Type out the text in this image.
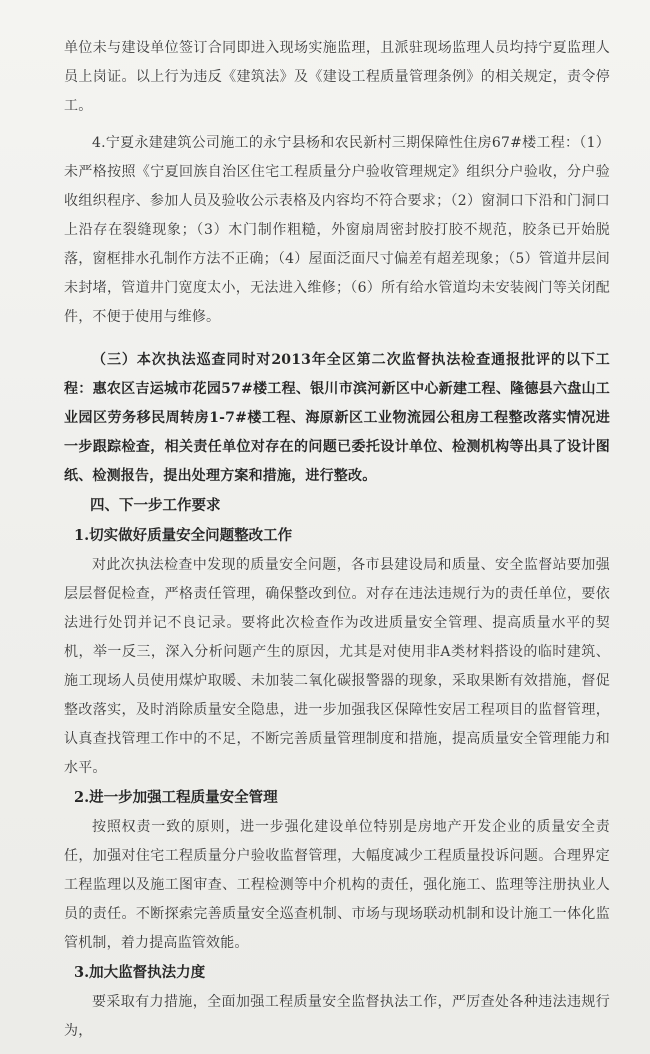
单位未与建设单位签订合同即进入现场实施监理，且派驻现场监理人员均持宁夏监理人员上岗证。以上行为违反《建筑法》及《建设工程质量管理条例》的相关规定，责令停工。

4.宁夏永建建筑公司施工的永宁县杨和农民新村三期保障性住房67#楼工程：（1）未严格按照《宁夏回族自治区住宅工程质量分户验收管理规定》组织分户验收，分户验收组织程序、参加人员及验收公示表格及内容均不符合要求；（2）窗洞口下沿和门洞口上沿存在裂缝现象；（3）木门制作粗糙，外窗扇周密封胶打胶不规范，胶条已开始脱落，窗框排水孔制作方法不正确；（4）屋面泛面尺寸偏差有超差现象；（5）管道井层间未封堵，管道井门宽度太小，无法进入维修；（6）所有给水管道均未安装阀门等关闭配件，不便于使用与维修。

（三）本次执法巡查同时对2013年全区第二次监督执法检查通报批评的以下工程：惠农区吉运城市花园57#楼工程、银川市滨河新区中心新建工程、隆德县六盘山工业园区劳务移民周转房1-7#楼工程、海原新区工业物流园公租房工程整改落实情况进一步跟踪检查，相关责任单位对存在的问题已委托设计单位、检测机构等出具了设计图纸、检测报告，提出处理方案和措施，进行整改。

四、下一步工作要求
1.切实做好质量安全问题整改工作

对此次执法检查中发现的质量安全问题，各市县建设局和质量、安全监督站要加强层层督促检查，严格责任管理，确保整改到位。对存在违法违规行为的责任单位，要依法进行处罚并记不良记录。要将此次检查作为改进质量安全管理、提高质量水平的契机，举一反三，深入分析问题产生的原因，尤其是对使用非A类材料搭设的临时建筑、施工现场人员使用煤炉取暖、未加装二氧化碳报警器的现象，采取果断有效措施，督促整改落实，及时消除质量安全隐患，进一步加强我区保障性安居工程项目的监督管理，认真查找管理工作中的不足，不断完善质量管理制度和措施，提高质量安全管理能力和水平。

2.进一步加强工程质量安全管理

按照权责一致的原则，进一步强化建设单位特别是房地产开发企业的质量安全责任，加强对住宅工程质量分户验收监督管理，大幅度减少工程质量投诉问题。合理界定工程监理以及施工图审查、工程检测等中介机构的责任，强化施工、监理等注册执业人员的责任。不断探索完善质量安全巡查机制、市场与现场联动机制和设计施工一体化监管机制，着力提高监管效能。

3.加大监督执法力度

要采取有力措施，全面加强工程质量安全监督执法工作，严厉查处各种违法违规行为，
